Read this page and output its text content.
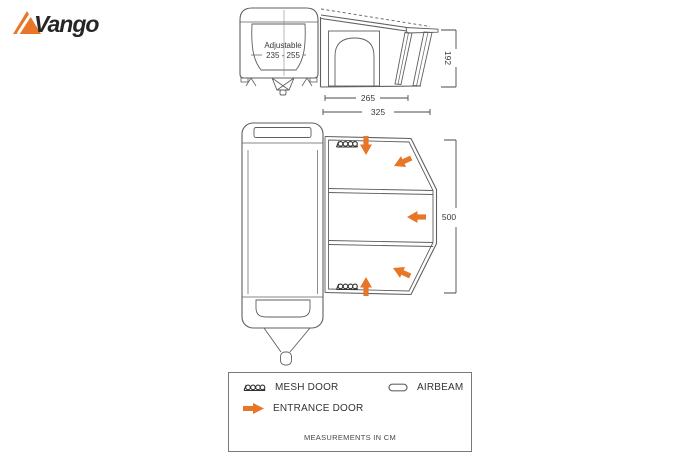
Vango
Adjustable
235 - 255	192
265
325
500
MESH DOOR	AIRBEAM
ENTRANCE DOOR
MEASUREMENTS IN CM
